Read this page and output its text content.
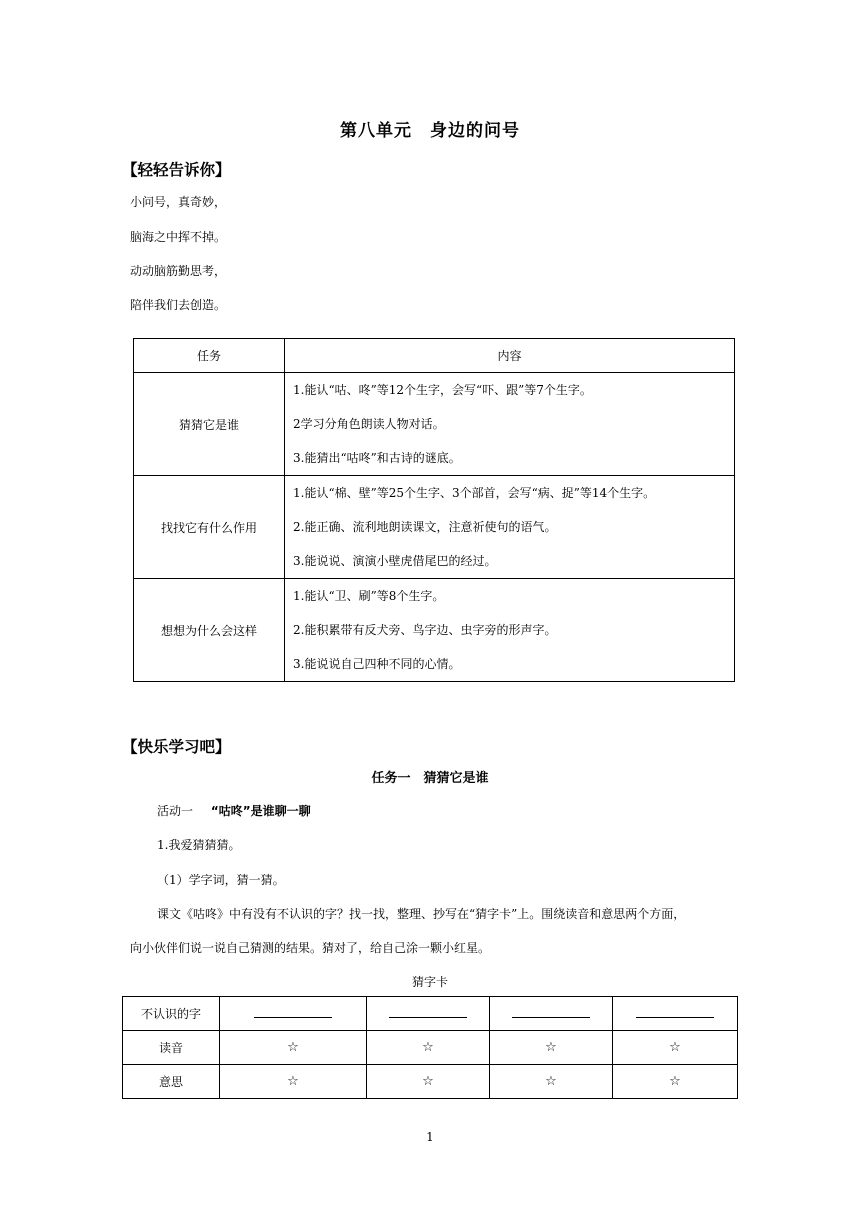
第八单元　身边的问号
【轻轻告诉你】
小问号，真奇妙，
脑海之中挥不掉。
动动脑筋勤思考，
陪伴我们去创造。
任务	内容
猜猜它是谁	1.能认“咕、咚”等12个生字，会写“吓、跟”等7个生字。
2学习分角色朗读人物对话。
3.能猜出“咕咚”和古诗的谜底。

找找它有什么作用	1.能认“棉、壁”等25个生字、3个部首，会写“病、捉”等14个生字。
2.能正确、流利地朗读课文，注意祈使句的语气。
3.能说说、演演小壁虎借尾巴的经过。

想想为什么会这样	1.能认“卫、刷”等8个生字。
2.能积累带有反犬旁、鸟字边、虫字旁的形声字。
3.能说说自己四种不同的心情。
【快乐学习吧】
任务一　猜猜它是谁
活动一 “咕咚”是谁聊一聊
1.我爱猜猜猜。
（1）学字词，猜一猜。
课文《咕咚》中有没有不认识的字？找一找，整理、抄写在“猜字卡”上。围绕读音和意思两个方面，
向小伙伴们说一说自己猜测的结果。猜对了，给自己涂一颗小红星。
猜字卡
不认识的字				
读音	☆	☆	☆	☆
意思	☆	☆	☆	☆
1
